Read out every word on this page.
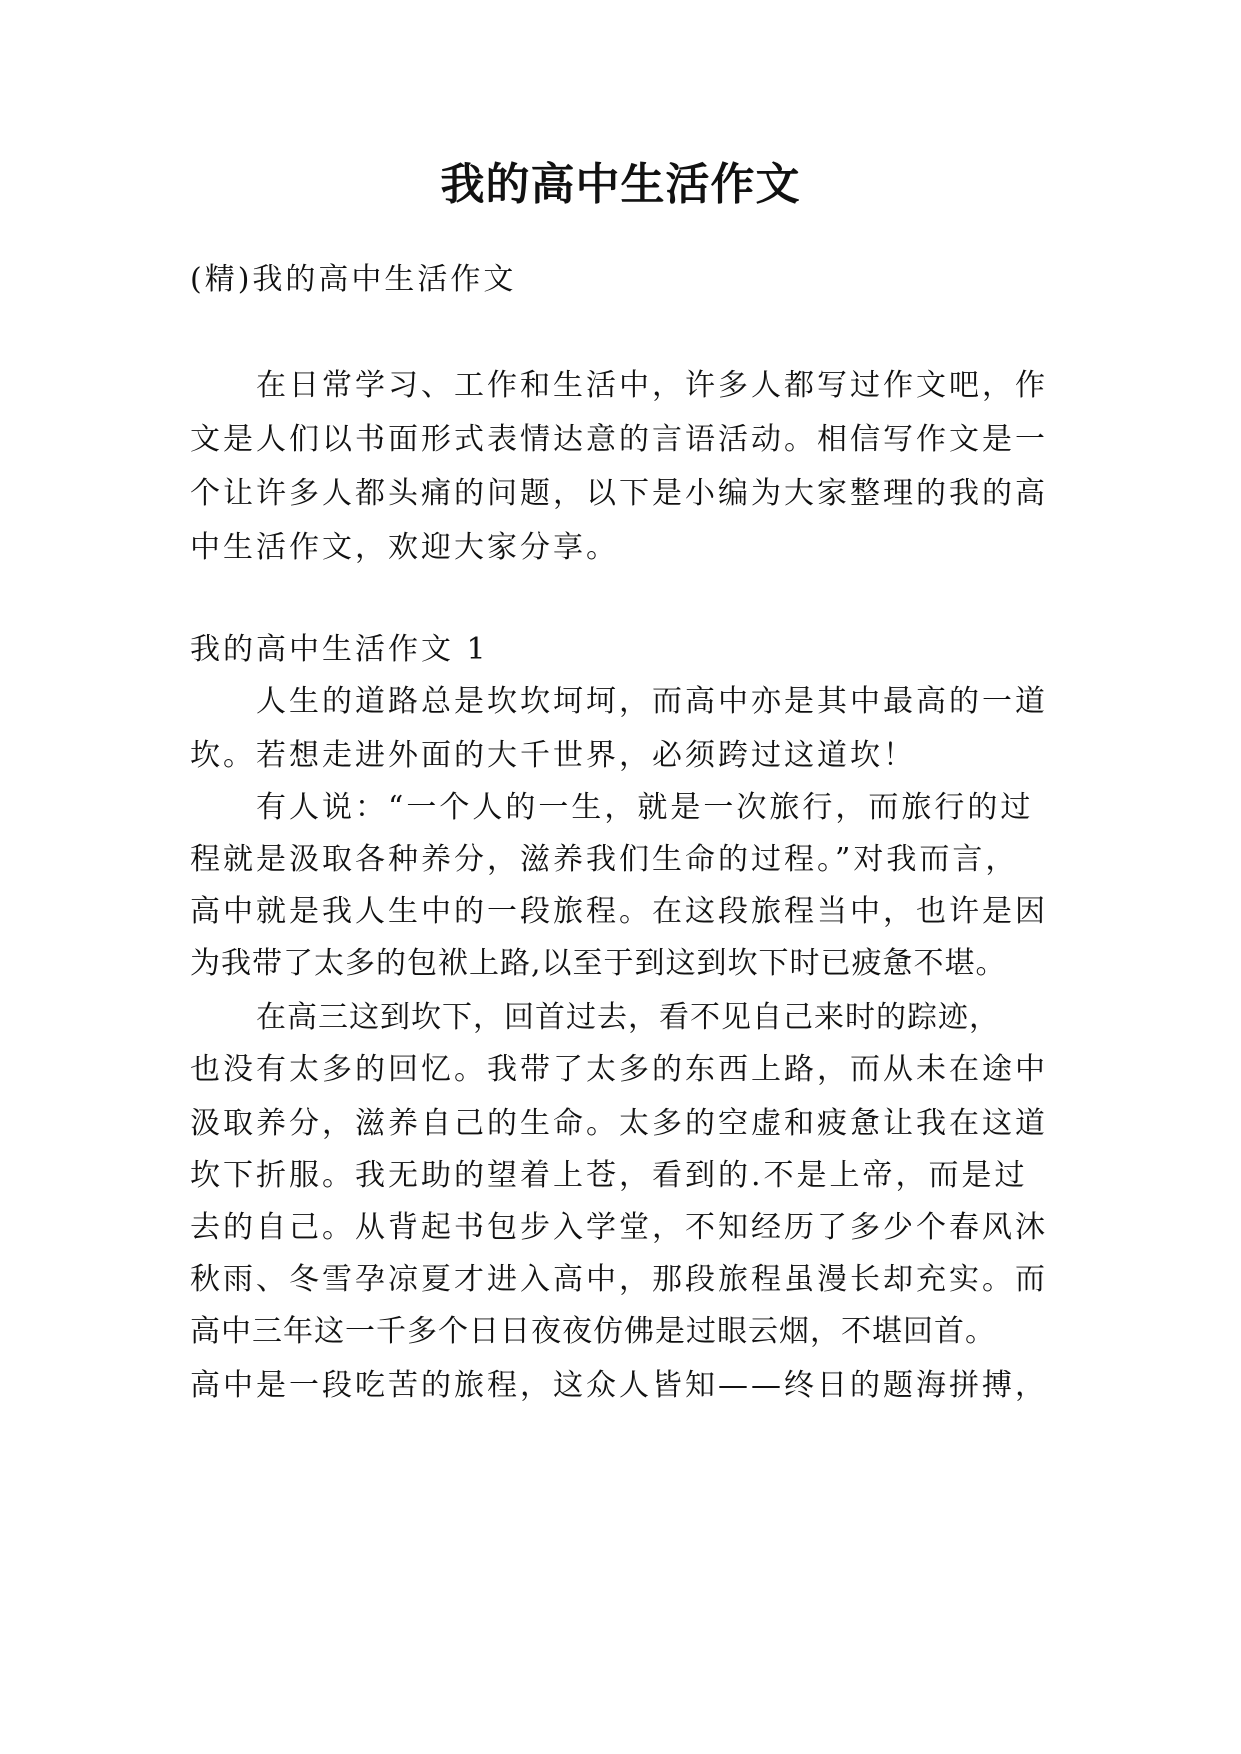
我的高中生活作文

(精)我的高中生活作文

在日常学习、工作和生活中，许多人都写过作文吧，作

文是人们以书面形式表情达意的言语活动。相信写作文是一

个让许多人都头痛的问题，以下是小编为大家整理的我的高

中生活作文，欢迎大家分享。

我的高中生活作文 1

人生的道路总是坎坎坷坷，而高中亦是其中最高的一道

坎。若想走进外面的大千世界，必须跨过这道坎！

有人说：“一个人的一生，就是一次旅行，而旅行的过

程就是汲取各种养分，滋养我们生命的过程。”对我而言，

高中就是我人生中的一段旅程。在这段旅程当中，也许是因

为我带了太多的包袱上路,以至于到这到坎下时已疲惫不堪。

在高三这到坎下，回首过去，看不见自己来时的踪迹，

也没有太多的回忆。我带了太多的东西上路，而从未在途中

汲取养分，滋养自己的生命。太多的空虚和疲惫让我在这道

坎下折服。我无助的望着上苍，看到的.不是上帝，而是过

去的自己。从背起书包步入学堂，不知经历了多少个春风沐

秋雨、冬雪孕凉夏才进入高中，那段旅程虽漫长却充实。而

高中三年这一千多个日日夜夜仿佛是过眼云烟，不堪回首。

高中是一段吃苦的旅程，这众人皆知——终日的题海拼搏，
